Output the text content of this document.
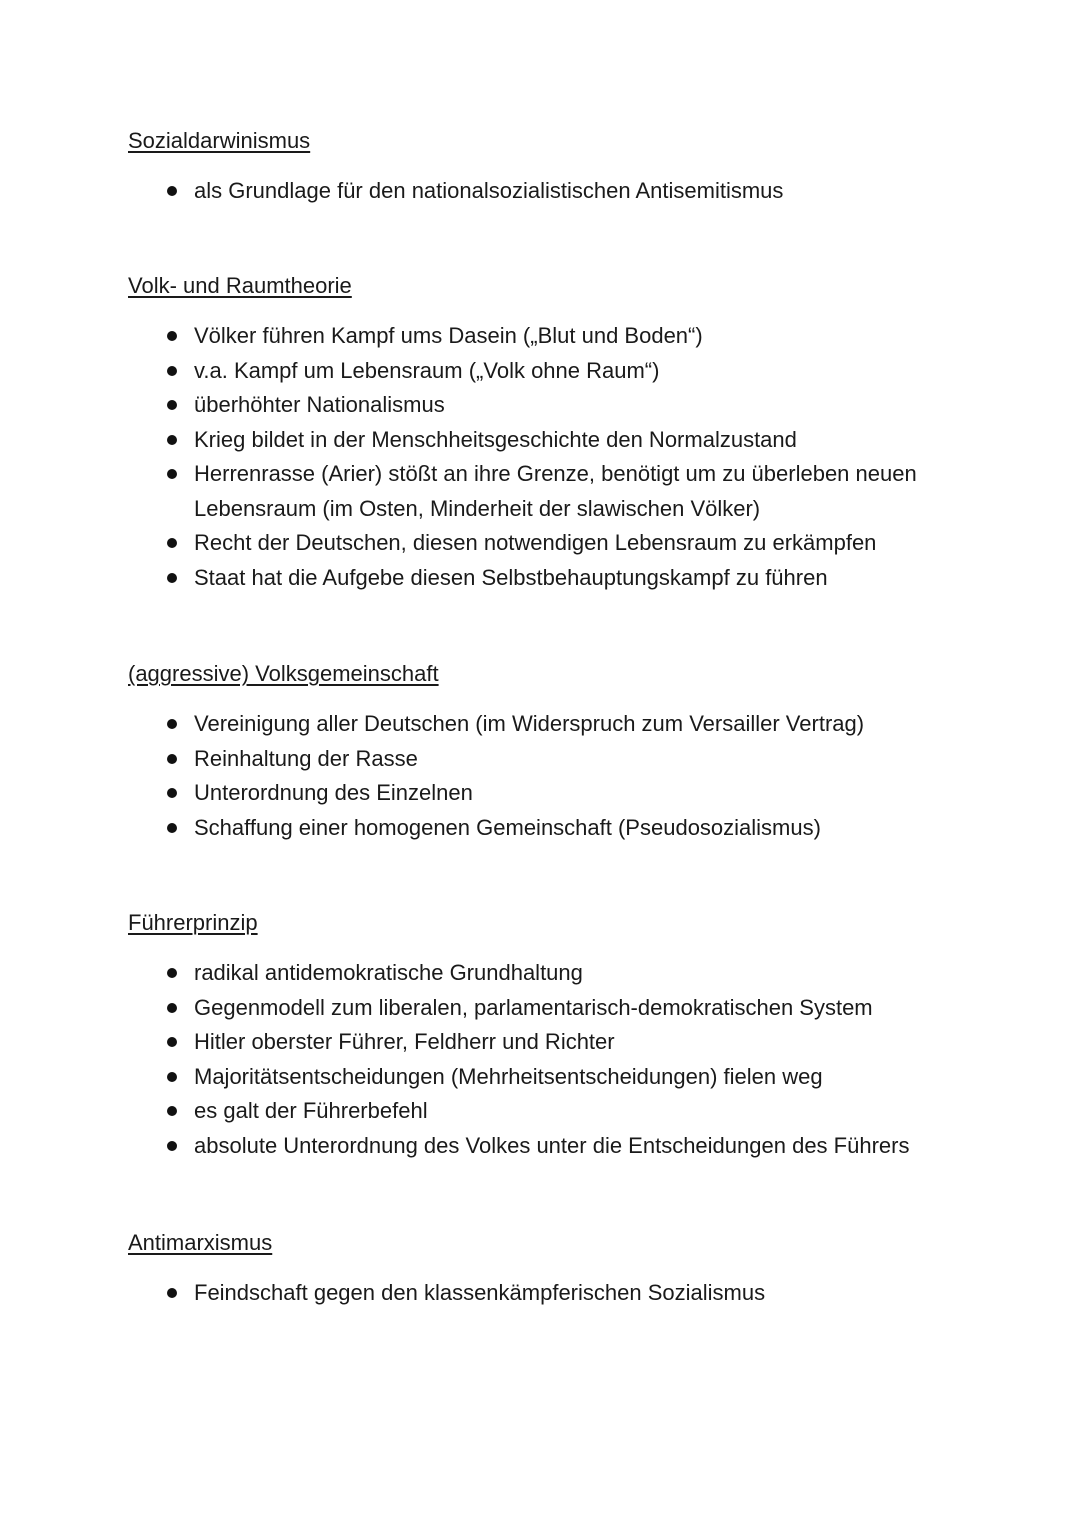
Sozialdarwinismus
als Grundlage für den nationalsozialistischen Antisemitismus
Volk- und Raumtheorie
Völker führen Kampf ums Dasein („Blut und Boden“)
v.a. Kampf um Lebensraum („Volk ohne Raum“)
überhöhter Nationalismus
Krieg bildet in der Menschheitsgeschichte den Normalzustand
Herrenrasse (Arier) stößt an ihre Grenze, benötigt um zu überleben neuen Lebensraum (im Osten, Minderheit der slawischen Völker)
Recht der Deutschen, diesen notwendigen Lebensraum zu erkämpfen
Staat hat die Aufgebe diesen Selbstbehauptungskampf zu führen
(aggressive) Volksgemeinschaft
Vereinigung aller Deutschen (im Widerspruch zum Versailler Vertrag)
Reinhaltung der Rasse
Unterordnung des Einzelnen
Schaffung einer homogenen Gemeinschaft (Pseudosozialismus)
Führerprinzip
radikal antidemokratische Grundhaltung
Gegenmodell zum liberalen, parlamentarisch-demokratischen System
Hitler oberster Führer, Feldherr und Richter
Majoritätsentscheidungen (Mehrheitsentscheidungen) fielen weg
es galt der Führerbefehl
absolute Unterordnung des Volkes unter die Entscheidungen des Führers
Antimarxismus
Feindschaft gegen den klassenkämpferischen Sozialismus
